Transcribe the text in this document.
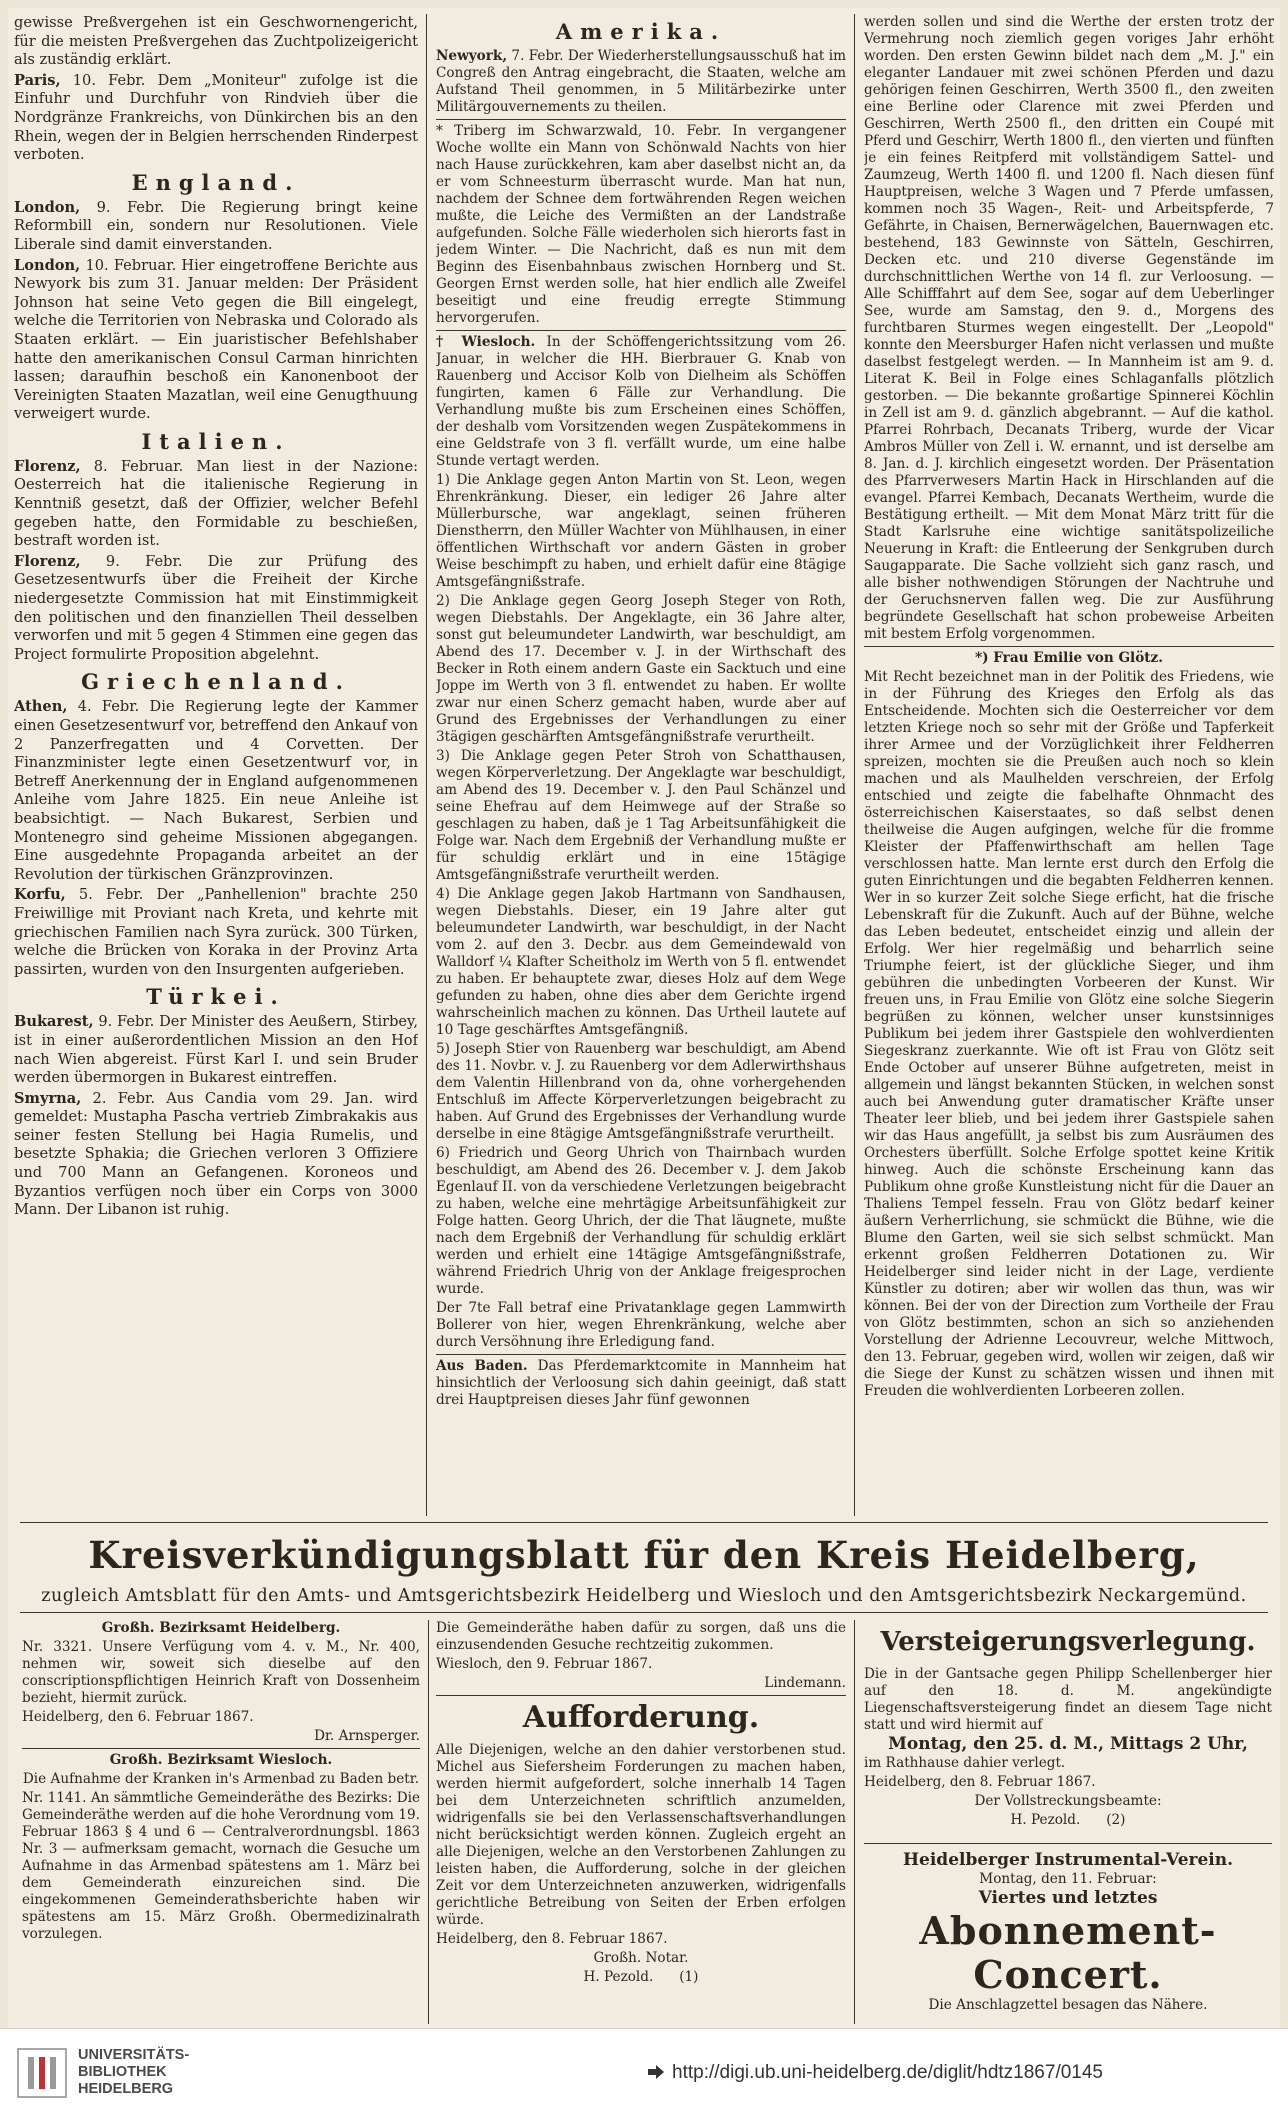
gewisse Preßvergehen ist ein Geschwornengericht, für die meisten Preßvergehen das Zuchtpolizeigericht als zuständig erklärt.

Paris, 10. Febr. Dem „Moniteur" zufolge ist die Einfuhr und Durchfuhr von Rindvieh über die Nordgränze Frankreichs, von Dünkirchen bis an den Rhein, wegen der in Belgien herrschenden Rinderpest verboten.

England.

London, 9. Febr. Die Regierung bringt keine Reformbill ein, sondern nur Resolutionen. Viele Liberale sind damit einverstanden.

London, 10. Februar. Hier eingetroffene Berichte aus Newyork bis zum 31. Januar melden: Der Präsident Johnson hat seine Veto gegen die Bill eingelegt, welche die Territorien von Nebraska und Colorado als Staaten erklärt. — Ein juaristischer Befehlshaber hatte den amerikanischen Consul Carman hinrichten lassen; daraufhin beschoß ein Kanonenboot der Vereinigten Staaten Mazatlan, weil eine Genugthuung verweigert wurde.

Italien.

Florenz, 8. Februar. Man liest in der Nazione: Oesterreich hat die italienische Regierung in Kenntniß gesetzt, daß der Offizier, welcher Befehl gegeben hatte, den Formidable zu beschießen, bestraft worden ist.

Florenz, 9. Febr. Die zur Prüfung des Gesetzesentwurfs über die Freiheit der Kirche niedergesetzte Commission hat mit Einstimmigkeit den politischen und den finanziellen Theil desselben verworfen und mit 5 gegen 4 Stimmen eine gegen das Project formulirte Proposition abgelehnt.

Griechenland.

Athen, 4. Febr. Die Regierung legte der Kammer einen Gesetzesentwurf vor, betreffend den Ankauf von 2 Panzerfregatten und 4 Corvetten. Der Finanzminister legte einen Gesetzentwurf vor, in Betreff Anerkennung der in England aufgenommenen Anleihe vom Jahre 1825. Ein neue Anleihe ist beabsichtigt. — Nach Bukarest, Serbien und Montenegro sind geheime Missionen abgegangen. Eine ausgedehnte Propaganda arbeitet an der Revolution der türkischen Gränzprovinzen.

Korfu, 5. Febr. Der „Panhellenion" brachte 250 Freiwillige mit Proviant nach Kreta, und kehrte mit griechischen Familien nach Syra zurück. 300 Türken, welche die Brücken von Koraka in der Provinz Arta passirten, wurden von den Insurgenten aufgerieben.

Türkei.

Bukarest, 9. Febr. Der Minister des Aeußern, Stirbey, ist in einer außerordentlichen Mission an den Hof nach Wien abgereist. Fürst Karl I. und sein Bruder werden übermorgen in Bukarest eintreffen.

Smyrna, 2. Febr. Aus Candia vom 29. Jan. wird gemeldet: Mustapha Pascha vertrieb Zimbrakakis aus seiner festen Stellung bei Hagia Rumelis, und besetzte Sphakia; die Griechen verloren 3 Offiziere und 700 Mann an Gefangenen. Koroneos und Byzantios verfügen noch über ein Corps von 3000 Mann. Der Libanon ist ruhig.

Amerika.

Newyork, 7. Febr. Der Wiederherstellungsausschuß hat im Congreß den Antrag eingebracht, die Staaten, welche am Aufstand Theil genommen, in 5 Militärbezirke unter Militärgouvernements zu theilen.

* Triberg im Schwarzwald, 10. Febr. In vergangener Woche wollte ein Mann von Schönwald Nachts von hier nach Hause zurückkehren, kam aber daselbst nicht an, da er vom Schneesturm überrascht wurde. Man hat nun, nachdem der Schnee dem fortwährenden Regen weichen mußte, die Leiche des Vermißten an der Landstraße aufgefunden. Solche Fälle wiederholen sich hierorts fast in jedem Winter. — Die Nachricht, daß es nun mit dem Beginn des Eisenbahnbaus zwischen Hornberg und St. Georgen Ernst werden solle, hat hier endlich alle Zweifel beseitigt und eine freudig erregte Stimmung hervorgerufen.

† Wiesloch. In der Schöffengerichtssitzung vom 26. Januar, in welcher die HH. Bierbrauer G. Knab von Rauenberg und Accisor Kolb von Dielheim als Schöffen fungirten, kamen 6 Fälle zur Verhandlung. Die Verhandlung mußte bis zum Erscheinen eines Schöffen, der deshalb vom Vorsitzenden wegen Zuspätekommens in eine Geldstrafe von 3 fl. verfällt wurde, um eine halbe Stunde vertagt werden.

1) Die Anklage gegen Anton Martin von St. Leon, wegen Ehrenkränkung. Dieser, ein lediger 26 Jahre alter Müllerbursche, war angeklagt, seinen früheren Dienstherrn, den Müller Wachter von Mühlhausen, in einer öffentlichen Wirthschaft vor andern Gästen in grober Weise beschimpft zu haben, und erhielt dafür eine 8tägige Amtsgefängnißstrafe.

2) Die Anklage gegen Georg Joseph Steger von Roth, wegen Diebstahls. Der Angeklagte, ein 36 Jahre alter, sonst gut beleumundeter Landwirth, war beschuldigt, am Abend des 17. December v. J. in der Wirthschaft des Becker in Roth einem andern Gaste ein Sacktuch und eine Joppe im Werth von 3 fl. entwendet zu haben. Er wollte zwar nur einen Scherz gemacht haben, wurde aber auf Grund des Ergebnisses der Verhandlungen zu einer 3tägigen geschärften Amtsgefängnißstrafe verurtheilt.

3) Die Anklage gegen Peter Stroh von Schatthausen, wegen Körperverletzung. Der Angeklagte war beschuldigt, am Abend des 19. December v. J. den Paul Schänzel und seine Ehefrau auf dem Heimwege auf der Straße so geschlagen zu haben, daß je 1 Tag Arbeitsunfähigkeit die Folge war. Nach dem Ergebniß der Verhandlung mußte er für schuldig erklärt und in eine 15tägige Amtsgefängnißstrafe verurtheilt werden.

4) Die Anklage gegen Jakob Hartmann von Sandhausen, wegen Diebstahls. Dieser, ein 19 Jahre alter gut beleumundeter Landwirth, war beschuldigt, in der Nacht vom 2. auf den 3. Decbr. aus dem Gemeindewald von Walldorf ¼ Klafter Scheitholz im Werth von 5 fl. entwendet zu haben. Er behauptete zwar, dieses Holz auf dem Wege gefunden zu haben, ohne dies aber dem Gerichte irgend wahrscheinlich machen zu können. Das Urtheil lautete auf 10 Tage geschärftes Amtsgefängniß.

5) Joseph Stier von Rauenberg war beschuldigt, am Abend des 11. Novbr. v. J. zu Rauenberg vor dem Adlerwirthshaus dem Valentin Hillenbrand von da, ohne vorhergehenden Entschluß im Affecte Körperverletzungen beigebracht zu haben. Auf Grund des Ergebnisses der Verhandlung wurde derselbe in eine 8tägige Amtsgefängnißstrafe verurtheilt.

6) Friedrich und Georg Uhrich von Thairnbach wurden beschuldigt, am Abend des 26. December v. J. dem Jakob Egenlauf II. von da verschiedene Verletzungen beigebracht zu haben, welche eine mehrtägige Arbeitsunfähigkeit zur Folge hatten. Georg Uhrich, der die That läugnete, mußte nach dem Ergebniß der Verhandlung für schuldig erklärt werden und erhielt eine 14tägige Amtsgefängnißstrafe, während Friedrich Uhrig von der Anklage freigesprochen wurde.

Der 7te Fall betraf eine Privatanklage gegen Lammwirth Bollerer von hier, wegen Ehrenkränkung, welche aber durch Versöhnung ihre Erledigung fand.

Aus Baden. Das Pferdemarktcomite in Mannheim hat hinsichtlich der Verloosung sich dahin geeinigt, daß statt drei Hauptpreisen dieses Jahr fünf gewonnen

werden sollen und sind die Werthe der ersten trotz der Vermehrung noch ziemlich gegen voriges Jahr erhöht worden. Den ersten Gewinn bildet nach dem „M. J." ein eleganter Landauer mit zwei schönen Pferden und dazu gehörigen feinen Geschirren, Werth 3500 fl., den zweiten eine Berline oder Clarence mit zwei Pferden und Geschirren, Werth 2500 fl., den dritten ein Coupé mit Pferd und Geschirr, Werth 1800 fl., den vierten und fünften je ein feines Reitpferd mit vollständigem Sattel- und Zaumzeug, Werth 1400 fl. und 1200 fl. Nach diesen fünf Hauptpreisen, welche 3 Wagen und 7 Pferde umfassen, kommen noch 35 Wagen-, Reit- und Arbeitspferde, 7 Gefährte, in Chaisen, Bernerwägelchen, Bauernwagen etc. bestehend, 183 Gewinnste von Sätteln, Geschirren, Decken etc. und 210 diverse Gegenstände im durchschnittlichen Werthe von 14 fl. zur Verloosung. — Alle Schifffahrt auf dem See, sogar auf dem Ueberlinger See, wurde am Samstag, den 9. d., Morgens des furchtbaren Sturmes wegen eingestellt. Der „Leopold" konnte den Meersburger Hafen nicht verlassen und mußte daselbst festgelegt werden. — In Mannheim ist am 9. d. Literat K. Beil in Folge eines Schlaganfalls plötzlich gestorben. — Die bekannte großartige Spinnerei Köchlin in Zell ist am 9. d. gänzlich abgebrannt. — Auf die kathol. Pfarrei Rohrbach, Decanats Triberg, wurde der Vicar Ambros Müller von Zell i. W. ernannt, und ist derselbe am 8. Jan. d. J. kirchlich eingesetzt worden. Der Präsentation des Pfarrverwesers Martin Hack in Hirschlanden auf die evangel. Pfarrei Kembach, Decanats Wertheim, wurde die Bestätigung ertheilt. — Mit dem Monat März tritt für die Stadt Karlsruhe eine wichtige sanitätspolizeiliche Neuerung in Kraft: die Entleerung der Senkgruben durch Saugapparate. Die Sache vollzieht sich ganz rasch, und alle bisher nothwendigen Störungen der Nachtruhe und der Geruchsnerven fallen weg. Die zur Ausführung begründete Gesellschaft hat schon probeweise Arbeiten mit bestem Erfolg vorgenommen.

*) Frau Emilie von Glötz.

Mit Recht bezeichnet man in der Politik des Friedens, wie in der Führung des Krieges den Erfolg als das Entscheidende. Mochten sich die Oesterreicher vor dem letzten Kriege noch so sehr mit der Größe und Tapferkeit ihrer Armee und der Vorzüglichkeit ihrer Feldherren spreizen, mochten sie die Preußen auch noch so klein machen und als Maulhelden verschreien, der Erfolg entschied und zeigte die fabelhafte Ohnmacht des österreichischen Kaiserstaates, so daß selbst denen theilweise die Augen aufgingen, welche für die fromme Kleister der Pfaffenwirthschaft am hellen Tage verschlossen hatte. Man lernte erst durch den Erfolg die guten Einrichtungen und die begabten Feldherren kennen. Wer in so kurzer Zeit solche Siege erficht, hat die frische Lebenskraft für die Zukunft. Auch auf der Bühne, welche das Leben bedeutet, entscheidet einzig und allein der Erfolg. Wer hier regelmäßig und beharrlich seine Triumphe feiert, ist der glückliche Sieger, und ihm gebühren die unbedingten Vorbeeren der Kunst. Wir freuen uns, in Frau Emilie von Glötz eine solche Siegerin begrüßen zu können, welcher unser kunstsinniges Publikum bei jedem ihrer Gastspiele den wohlverdienten Siegeskranz zuerkannte. Wie oft ist Frau von Glötz seit Ende October auf unserer Bühne aufgetreten, meist in allgemein und längst bekannten Stücken, in welchen sonst auch bei Anwendung guter dramatischer Kräfte unser Theater leer blieb, und bei jedem ihrer Gastspiele sahen wir das Haus angefüllt, ja selbst bis zum Ausräumen des Orchesters überfüllt. Solche Erfolge spottet keine Kritik hinweg. Auch die schönste Erscheinung kann das Publikum ohne große Kunstleistung nicht für die Dauer an Thaliens Tempel fesseln. Frau von Glötz bedarf keiner äußern Verherrlichung, sie schmückt die Bühne, wie die Blume den Garten, weil sie sich selbst schmückt. Man erkennt großen Feldherren Dotationen zu. Wir Heidelberger sind leider nicht in der Lage, verdiente Künstler zu dotiren; aber wir wollen das thun, was wir können. Bei der von der Direction zum Vortheile der Frau von Glötz bestimmten, schon an sich so anziehenden Vorstellung der Adrienne Lecouvreur, welche Mittwoch, den 13. Februar, gegeben wird, wollen wir zeigen, daß wir die Siege der Kunst zu schätzen wissen und ihnen mit Freuden die wohlverdienten Lorbeeren zollen.

Kreisverkündigungsblatt für den Kreis Heidelberg,
zugleich Amtsblatt für den Amts- und Amtsgerichtsbezirk Heidelberg und Wiesloch und den Amtsgerichtsbezirk Neckargemünd.

Großh. Bezirksamt Heidelberg.

Nr. 3321. Unsere Verfügung vom 4. v. M., Nr. 400, nehmen wir, soweit sich dieselbe auf den conscriptionspflichtigen Heinrich Kraft von Dossenheim bezieht, hiermit zurück.

Heidelberg, den 6. Februar 1867.

Dr. Arnsperger.

Großh. Bezirksamt Wiesloch.

Die Aufnahme der Kranken in's Armenbad zu Baden betr.

Nr. 1141. An sämmtliche Gemeinderäthe des Bezirks: Die Gemeinderäthe werden auf die hohe Verordnung vom 19. Februar 1863 § 4 und 6 — Centralverordnungsbl. 1863 Nr. 3 — aufmerksam gemacht, wornach die Gesuche um Aufnahme in das Armenbad spätestens am 1. März bei dem Gemeinderath einzureichen sind. Die eingekommenen Gemeinderathsberichte haben wir spätestens am 15. März Großh. Obermedizinalrath vorzulegen.

Die Gemeinderäthe haben dafür zu sorgen, daß uns die einzusendenden Gesuche rechtzeitig zukommen.

Wiesloch, den 9. Februar 1867.

Lindemann.

Aufforderung.

Alle Diejenigen, welche an den dahier verstorbenen stud. Michel aus Siefersheim Forderungen zu machen haben, werden hiermit aufgefordert, solche innerhalb 14 Tagen bei dem Unterzeichneten schriftlich anzumelden, widrigenfalls sie bei den Verlassenschaftsverhandlungen nicht berücksichtigt werden können. Zugleich ergeht an alle Diejenigen, welche an den Verstorbenen Zahlungen zu leisten haben, die Aufforderung, solche in der gleichen Zeit vor dem Unterzeichneten anzuwerken, widrigenfalls gerichtliche Betreibung von Seiten der Erben erfolgen würde.

Heidelberg, den 8. Februar 1867.

Großh. Notar.

H. Pezold. (1)

Versteigerungsverlegung.

Die in der Gantsache gegen Philipp Schellenberger hier auf den 18. d. M. angekündigte Liegenschaftsversteigerung findet an diesem Tage nicht statt und wird hiermit auf

Montag, den 25. d. M., Mittags 2 Uhr,

im Rathhause dahier verlegt.

Heidelberg, den 8. Februar 1867.

Der Vollstreckungsbeamte:

H. Pezold. (2)

Heidelberger Instrumental-Verein.

Montag, den 11. Februar:

Viertes und letztes

Abonnement-Concert.

Die Anschlagzettel besagen das Nähere.

UNIVERSITÄTS-
BIBLIOTHEK
HEIDELBERG
http://digi.ub.uni-heidelberg.de/diglit/hdtz1867/0145
